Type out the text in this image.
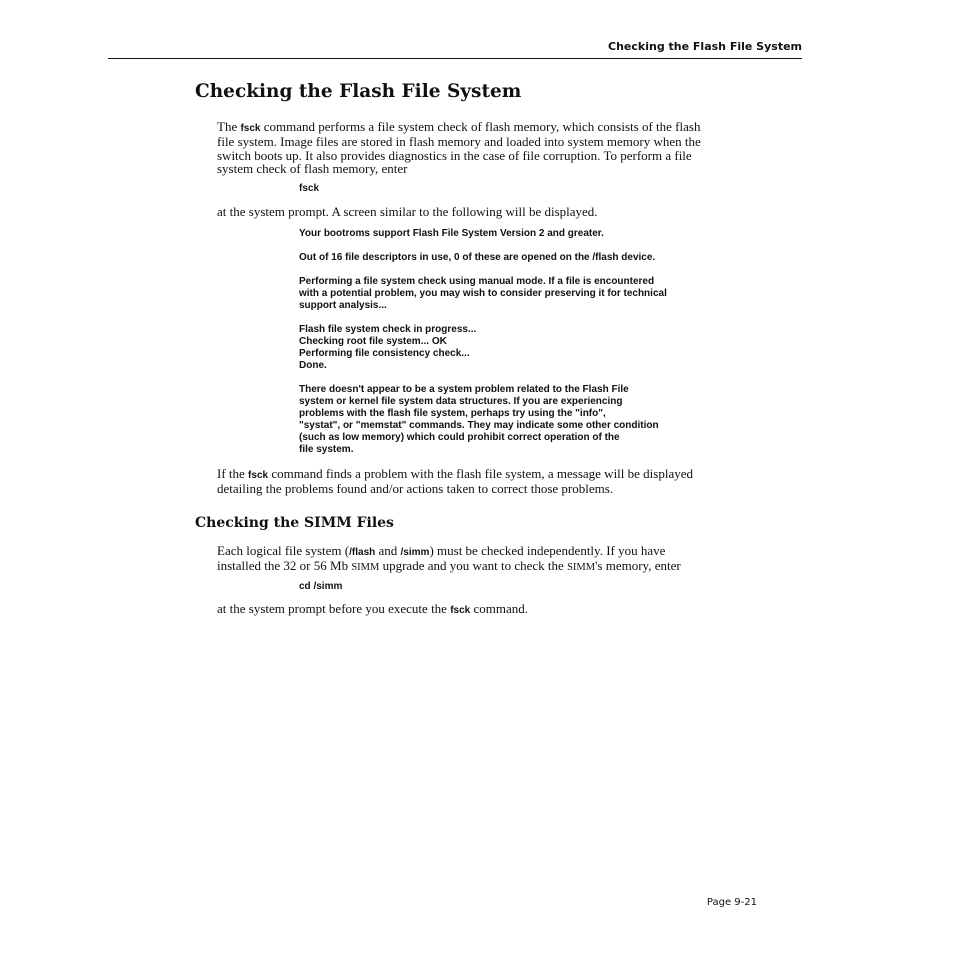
Checking the Flash File System
Checking the Flash File System
The fsck command performs a file system check of flash memory, which consists of the flash
file system. Image files are stored in flash memory and loaded into system memory when the
switch boots up. It also provides diagnostics in the case of file corruption. To perform a file
system check of flash memory, enter
fsck
at the system prompt. A screen similar to the following will be displayed.
Your bootroms support Flash File System Version 2 and greater.

Out of 16 file descriptors in use, 0 of these are opened on the /flash device.

Performing a file system check using manual mode. If a file is encountered
with a potential problem, you may wish to consider preserving it for technical
support analysis...

Flash file system check in progress...
Checking root file system... OK
Performing file consistency check...
Done.

There doesn't appear to be a system problem related to the Flash File
system or kernel file system data structures. If you are experiencing
problems with the flash file system, perhaps try using the "info",
"systat", or "memstat" commands. They may indicate some other condition
(such as low memory) which could prohibit correct operation of the
file system.
If the fsck command finds a problem with the flash file system, a message will be displayed
detailing the problems found and/or actions taken to correct those problems.
Checking the SIMM Files
Each logical file system (/flash and /simm) must be checked independently. If you have
installed the 32 or 56 Mb SIMM upgrade and you want to check the SIMM's memory, enter
cd /simm
at the system prompt before you execute the fsck command.
Page 9-21
